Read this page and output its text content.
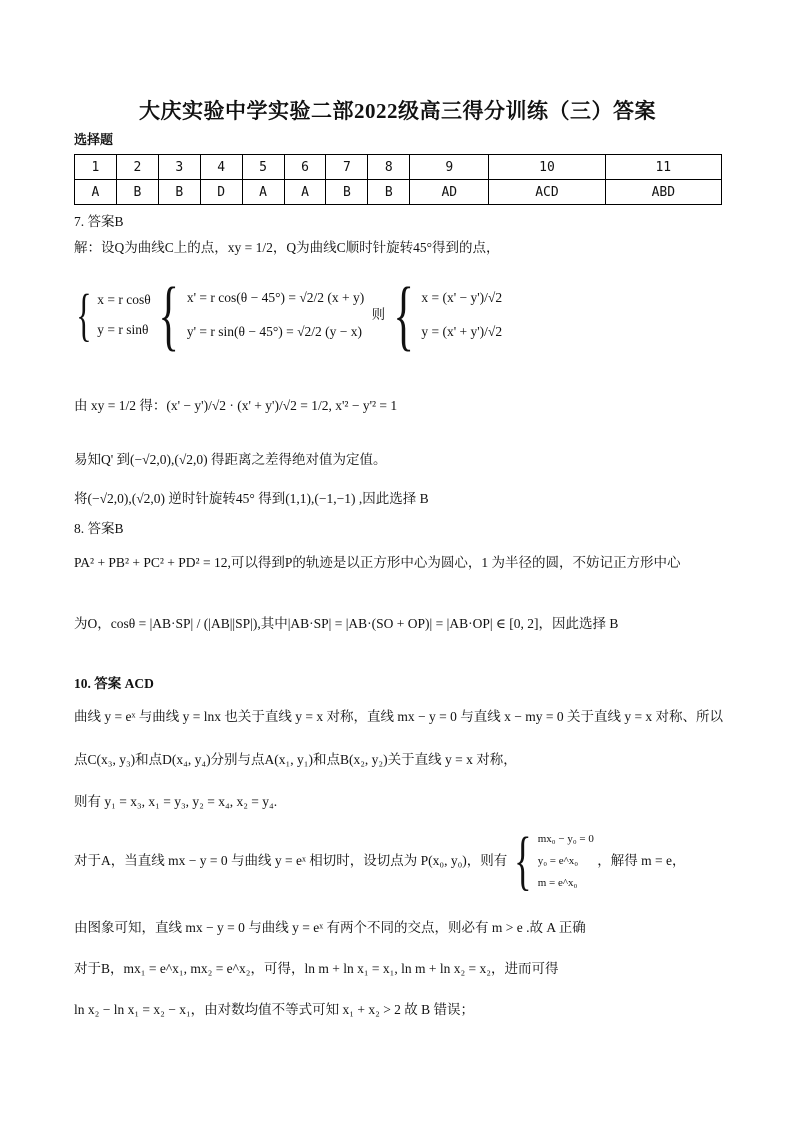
大庆实验中学实验二部2022级高三得分训练（三）答案
选择题
1	2	3	4	5	6	7	8	9	10	11
A	B	B	D	A	A	B	B	AD	ACD	ABD
7. 答案B
解：设Q为曲线C上的点，xy = 1/2，Q为曲线C顺时针旋转45°得到的点，
{ x = r cosθ
y = r sinθ { x' = r cos(θ − 45°) = √2/2 (x + y)
y' = r sin(θ − 45°) = √2/2 (y − x)
则 { x = (x' − y')/√2
y = (x' + y')/√2
由 xy = 1/2 得：(x' − y')/√2 · (x' + y')/√2 = 1/2, x'² − y'² = 1
易知Q' 到(−√2,0),(√2,0) 得距离之差得绝对值为定值。
将(−√2,0),(√2,0) 逆时针旋转45° 得到(1,1),(−1,−1) ,因此选择 B
8. 答案B
PA² + PB² + PC² + PD² = 12,可以得到P的轨迹是以正方形中心为圆心，1 为半径的圆，不妨记正方形中心
为O，cosθ = |AB·SP| / (|AB||SP|),其中|AB·SP| = |AB·(SO + OP)| = |AB·OP| ∈ [0, 2]，因此选择 B
10. 答案 ACD
曲线 y = eˣ 与曲线 y = lnx 也关于直线 y = x 对称，直线 mx − y = 0 与直线 x − my = 0 关于直线 y = x 对称、所以
点C(x₃, y₃)和点D(x₄, y₄)分别与点A(x₁, y₁)和点B(x₂, y₂)关于直线 y = x 对称，
则有 y₁ = x₃, x₁ = y₃, y₂ = x₄, x₂ = y₄.
对于A，当直线 mx − y = 0 与曲线 y = eˣ 相切时，设切点为 P(x₀, y₀)，则有 { mx₀ − y₀ = 0
y₀ = e^x₀
m = e^x₀
，解得 m = e，
由图象可知，直线 mx − y = 0 与曲线 y = eˣ 有两个不同的交点，则必有 m > e .故 A 正确
对于B，mx₁ = e^x₁, mx₂ = e^x₂，可得，ln m + ln x₁ = x₁, ln m + ln x₂ = x₂，进而可得
ln x₂ − ln x₁ = x₂ − x₁，由对数均值不等式可知 x₁ + x₂ > 2 故 B 错误；
